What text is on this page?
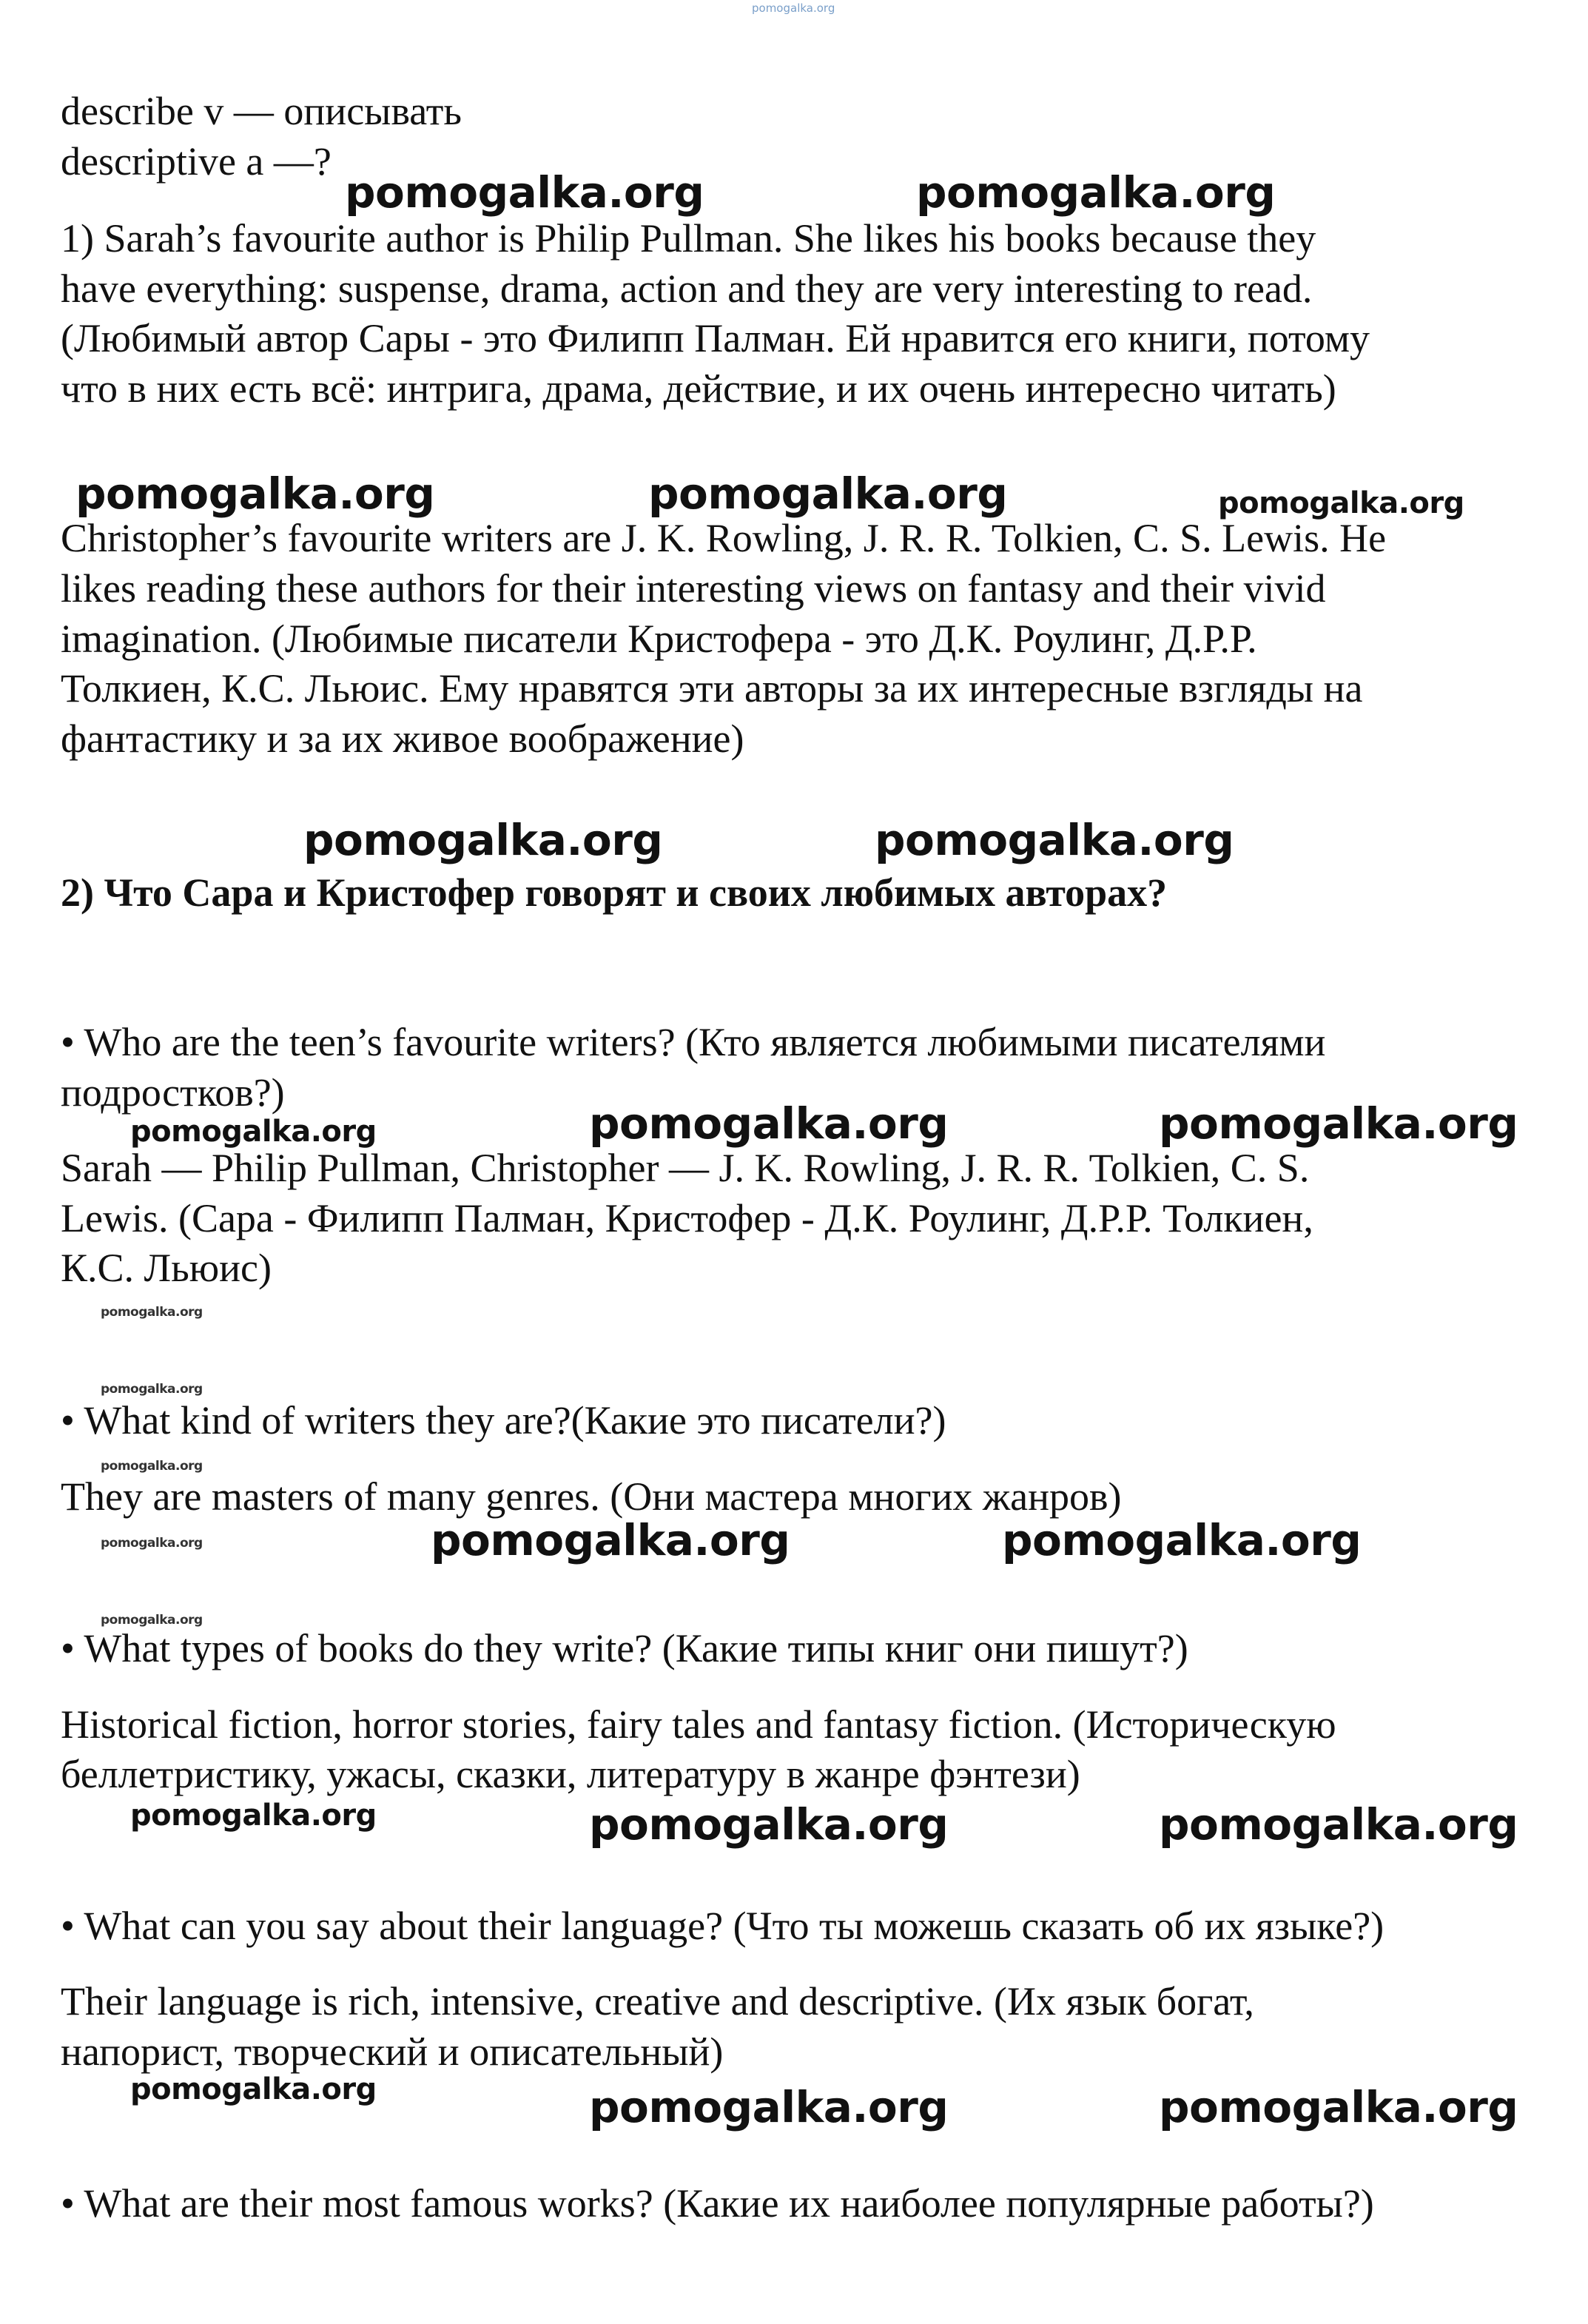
pomogalka.org
describe v — описывать
descriptive a —?
pomogalka.org	pomogalka.org
1) Sarah’s favourite author is Philip Pullman. She likes his books because they
have everything: suspense, drama, action and they are very interesting to read.
(Любимый автор Сары - это Филипп Палман. Ей нравится его книги, потому
что в них есть всё: интрига, драма, действие, и их очень интересно читать)
pomogalka.org	pomogalka.org	pomogalka.org
Christopher’s favourite writers are J. K. Rowling, J. R. R. Tolkien, C. S. Lewis. He
likes reading these authors for their interesting views on fantasy and their vivid
imagination. (Любимые писатели Кристофера - это Д.К. Роулинг, Д.Р.Р.
Толкиен, К.С. Льюис. Ему нравятся эти авторы за их интересные взгляды на
фантастику и за их живое воображение)
pomogalka.org	pomogalka.org
2) Что Сара и Кристофер говорят и своих любимых авторах?
• Who are the teen’s favourite writers? (Кто является любимыми писателями
подростков?)
pomogalka.org	pomogalka.org	pomogalka.org
Sarah — Philip Pullman, Christopher — J. K. Rowling, J. R. R. Tolkien, C. S.
Lewis. (Сара - Филипп Палман, Кристофер - Д.К. Роулинг, Д.Р.Р. Толкиен,
К.С. Льюис)
pomogalka.org
pomogalka.org
• What kind of writers they are?(Какие это писатели?)
pomogalka.org
They are masters of many genres. (Они мастера многих жанров)
pomogalka.org	pomogalka.org	pomogalka.org
pomogalka.org
• What types of books do they write? (Какие типы книг они пишут?)
Historical fiction, horror stories, fairy tales and fantasy fiction. (Историческую
беллетристику, ужасы, сказки, литературу в жанре фэнтези)
pomogalka.org	pomogalka.org	pomogalka.org
• What can you say about their language? (Что ты можешь сказать об их языке?)
Their language is rich, intensive, creative and descriptive. (Их язык богат,
напорист, творческий и описательный)
pomogalka.org	pomogalka.org	pomogalka.org
• What are their most famous works? (Какие их наиболее популярные работы?)
